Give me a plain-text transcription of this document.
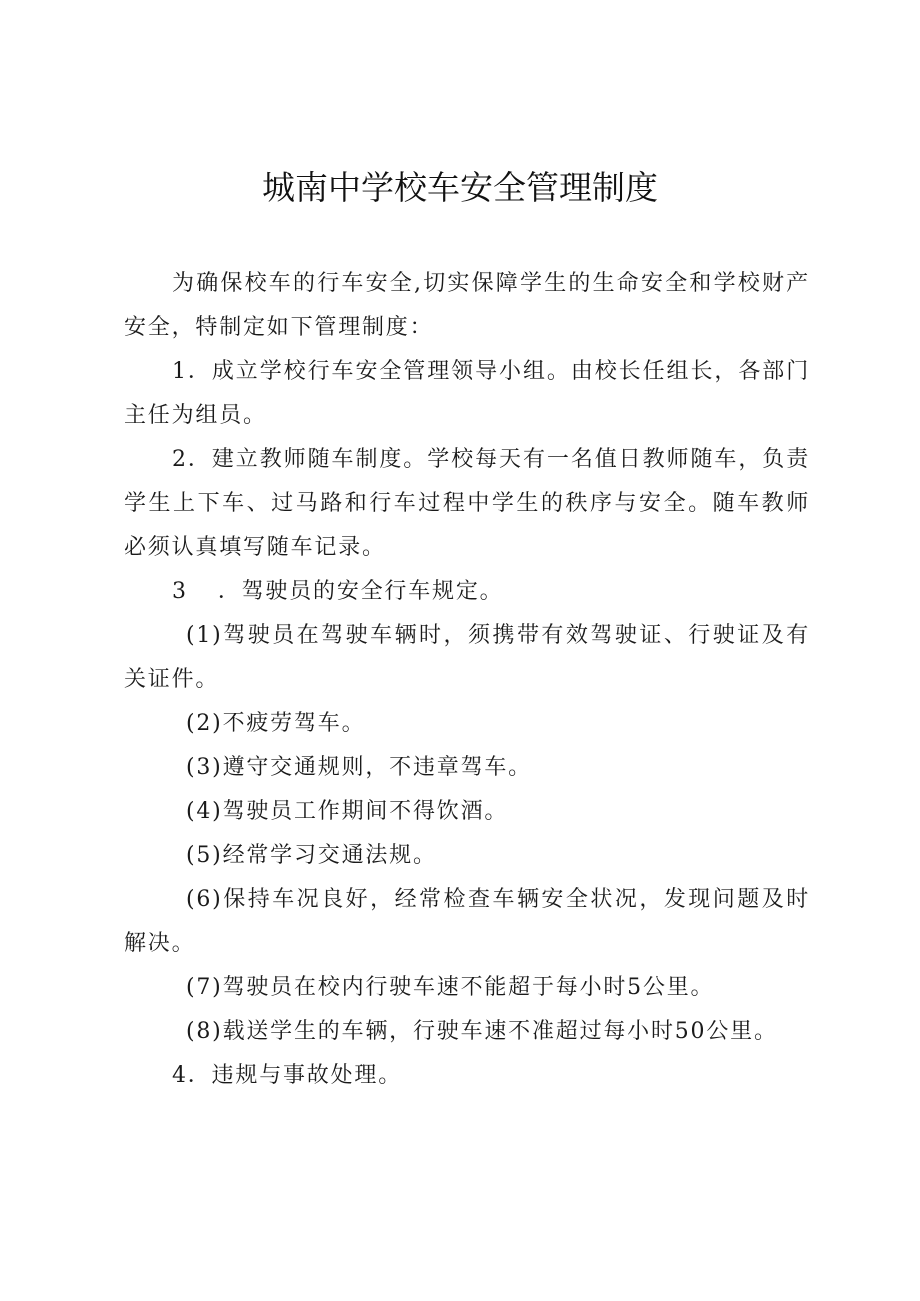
城南中学校车安全管理制度

为确保校车的行车安全,切实保障学生的生命安全和学校财产安全，特制定如下管理制度：

1．成立学校行车安全管理领导小组。由校长任组长，各部门主任为组员。

2．建立教师随车制度。学校每天有一名值日教师随车，负责学生上下车、过马路和行车过程中学生的秩序与安全。随车教师必须认真填写随车记录。

3 ．驾驶员的安全行车规定。

(1)驾驶员在驾驶车辆时，须携带有效驾驶证、行驶证及有关证件。

(2)不疲劳驾车。

(3)遵守交通规则，不违章驾车。

(4)驾驶员工作期间不得饮酒。

(5)经常学习交通法规。

(6)保持车况良好，经常检查车辆安全状况，发现问题及时解决。

(7)驾驶员在校内行驶车速不能超于每小时5公里。

(8)载送学生的车辆，行驶车速不准超过每小时50公里。

4．违规与事故处理。
